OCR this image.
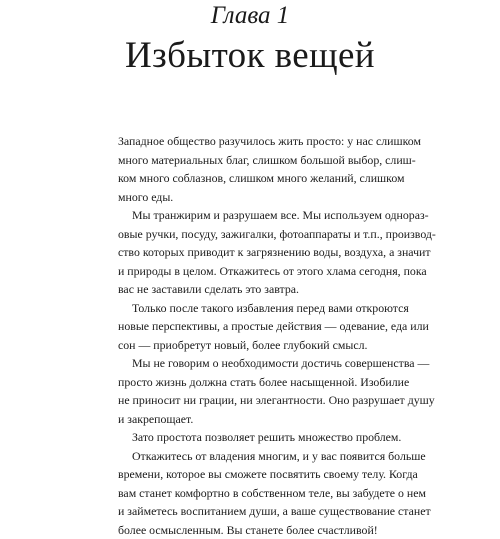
Глава 1
Избыток вещей
Западное общество разучилось жить просто: у нас слишком
много материальных благ, слишком большой выбор, слиш-
ком много соблазнов, слишком много желаний, слишком
много еды.
Мы транжирим и разрушаем все. Мы используем однораз-
овые ручки, посуду, зажигалки, фотоаппараты и т.п., производ-
ство которых приводит к загрязнению воды, воздуха, а значит
и природы в целом. Откажитесь от этого хлама сегодня, пока
вас не заставили сделать это завтра.
Только после такого избавления перед вами откроются
новые перспективы, а простые действия — одевание, еда или
сон — приобретут новый, более глубокий смысл.
Мы не говорим о необходимости достичь совершенства —
просто жизнь должна стать более насыщенной. Изобилие
не приносит ни грации, ни элегантности. Оно разрушает душу
и закрепощает.
Зато простота позволяет решить множество проблем.
Откажитесь от владения многим, и у вас появится больше
времени, которое вы сможете посвятить своему телу. Когда
вам станет комфортно в собственном теле, вы забудете о нем
и займетесь воспитанием души, а ваше существование станет
более осмысленным. Вы станете более счастливой!
